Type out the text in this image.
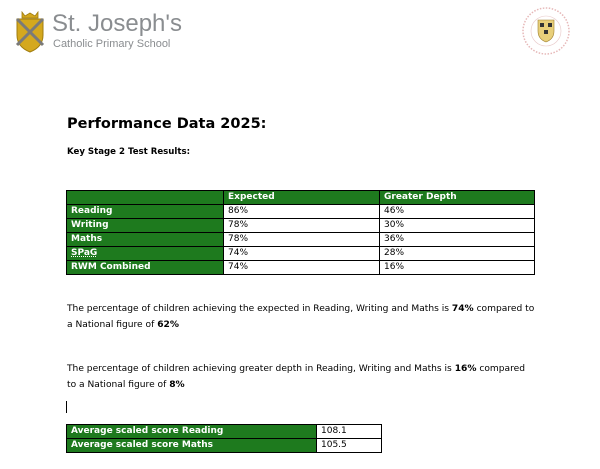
St. Joseph's
Catholic Primary School
Performance Data 2025:
Key Stage 2 Test Results:
	Expected	Greater Depth
Reading	86%	46%
Writing	78%	30%
Maths	78%	36%
SPaG	74%	28%
RWM Combined	74%	16%
The percentage of children achieving the expected in Reading, Writing and Maths is 74% compared to a National figure of 62%
The percentage of children achieving greater depth in Reading, Writing and Maths is 16% compared to a National figure of 8%
Average scaled score Reading	108.1
Average scaled score Maths	105.5
